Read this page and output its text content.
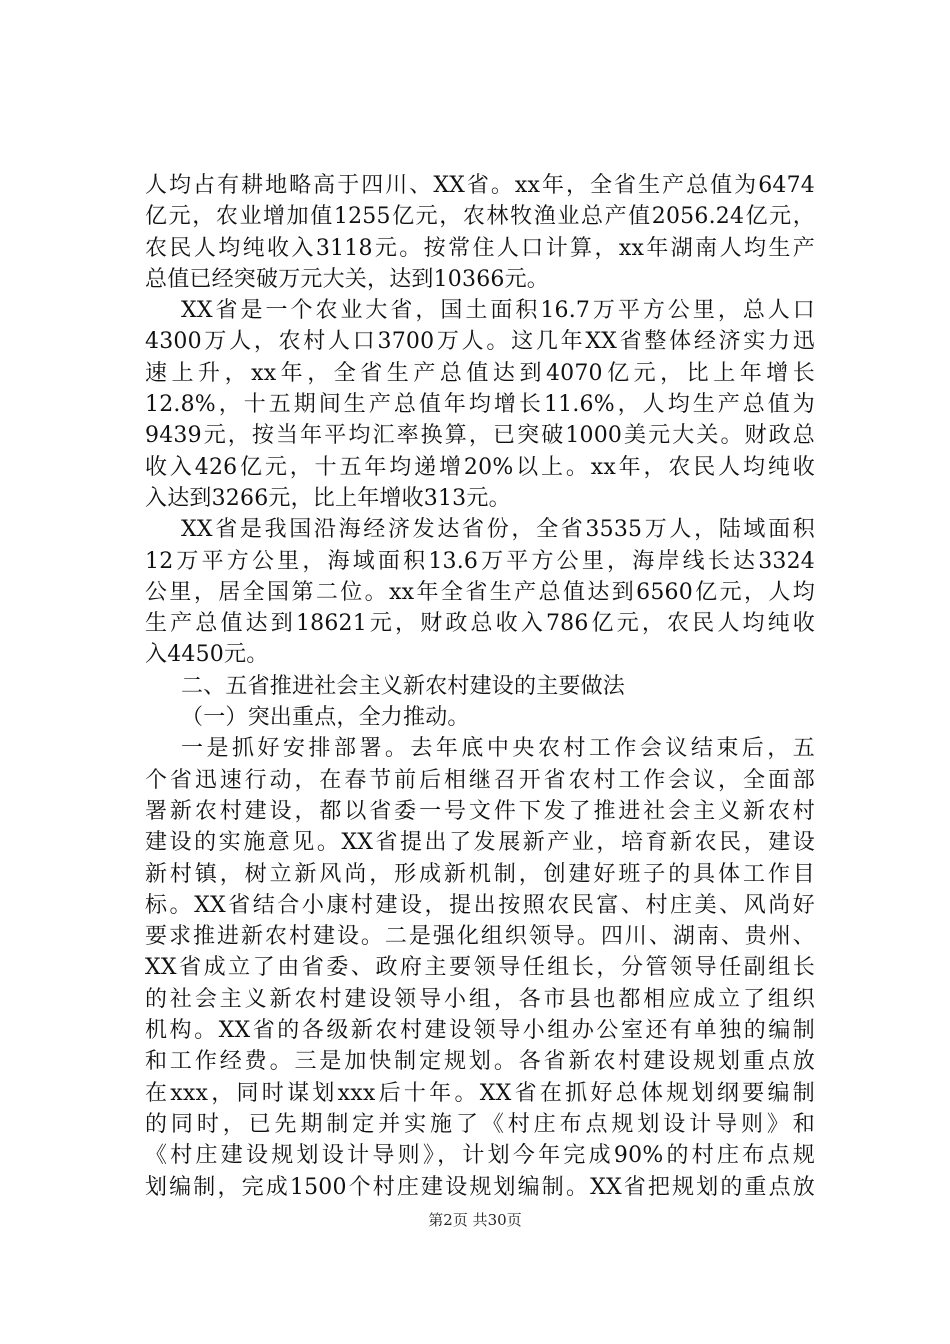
人均占有耕地略高于四川、XX省。xx年，全省生产总值为6474
亿元，农业增加值1255亿元，农林牧渔业总产值2056.24亿元，
农民人均纯收入3118元。按常住人口计算，xx年湖南人均生产
总值已经突破万元大关，达到10366元。
XX省是一个农业大省，国土面积16.7万平方公里，总人口
4300万人，农村人口3700万人。这几年XX省整体经济实力迅
速上升，xx年，全省生产总值达到4070亿元，比上年增长
12.8%，十五期间生产总值年均增长11.6%，人均生产总值为
9439元，按当年平均汇率换算，已突破1000美元大关。财政总
收入426亿元，十五年均递增20%以上。xx年，农民人均纯收
入达到3266元，比上年增收313元。
XX省是我国沿海经济发达省份，全省3535万人，陆域面积
12万平方公里，海域面积13.6万平方公里，海岸线长达3324
公里，居全国第二位。xx年全省生产总值达到6560亿元，人均
生产总值达到18621元，财政总收入786亿元，农民人均纯收
入4450元。
二、五省推进社会主义新农村建设的主要做法
（一）突出重点，全力推动。
一是抓好安排部署。去年底中央农村工作会议结束后，五
个省迅速行动，在春节前后相继召开省农村工作会议，全面部
署新农村建设，都以省委一号文件下发了推进社会主义新农村
建设的实施意见。XX省提出了发展新产业，培育新农民，建设
新村镇，树立新风尚，形成新机制，创建好班子的具体工作目
标。XX省结合小康村建设，提出按照农民富、村庄美、风尚好
要求推进新农村建设。二是强化组织领导。四川、湖南、贵州、
XX省成立了由省委、政府主要领导任组长，分管领导任副组长
的社会主义新农村建设领导小组，各市县也都相应成立了组织
机构。XX省的各级新农村建设领导小组办公室还有单独的编制
和工作经费。三是加快制定规划。各省新农村建设规划重点放
在xxx，同时谋划xxx后十年。XX省在抓好总体规划纲要编制
的同时，已先期制定并实施了《村庄布点规划设计导则》和
《村庄建设规划设计导则》，计划今年完成90%的村庄布点规
划编制，完成1500个村庄建设规划编制。XX省把规划的重点放
第2页 共30页
